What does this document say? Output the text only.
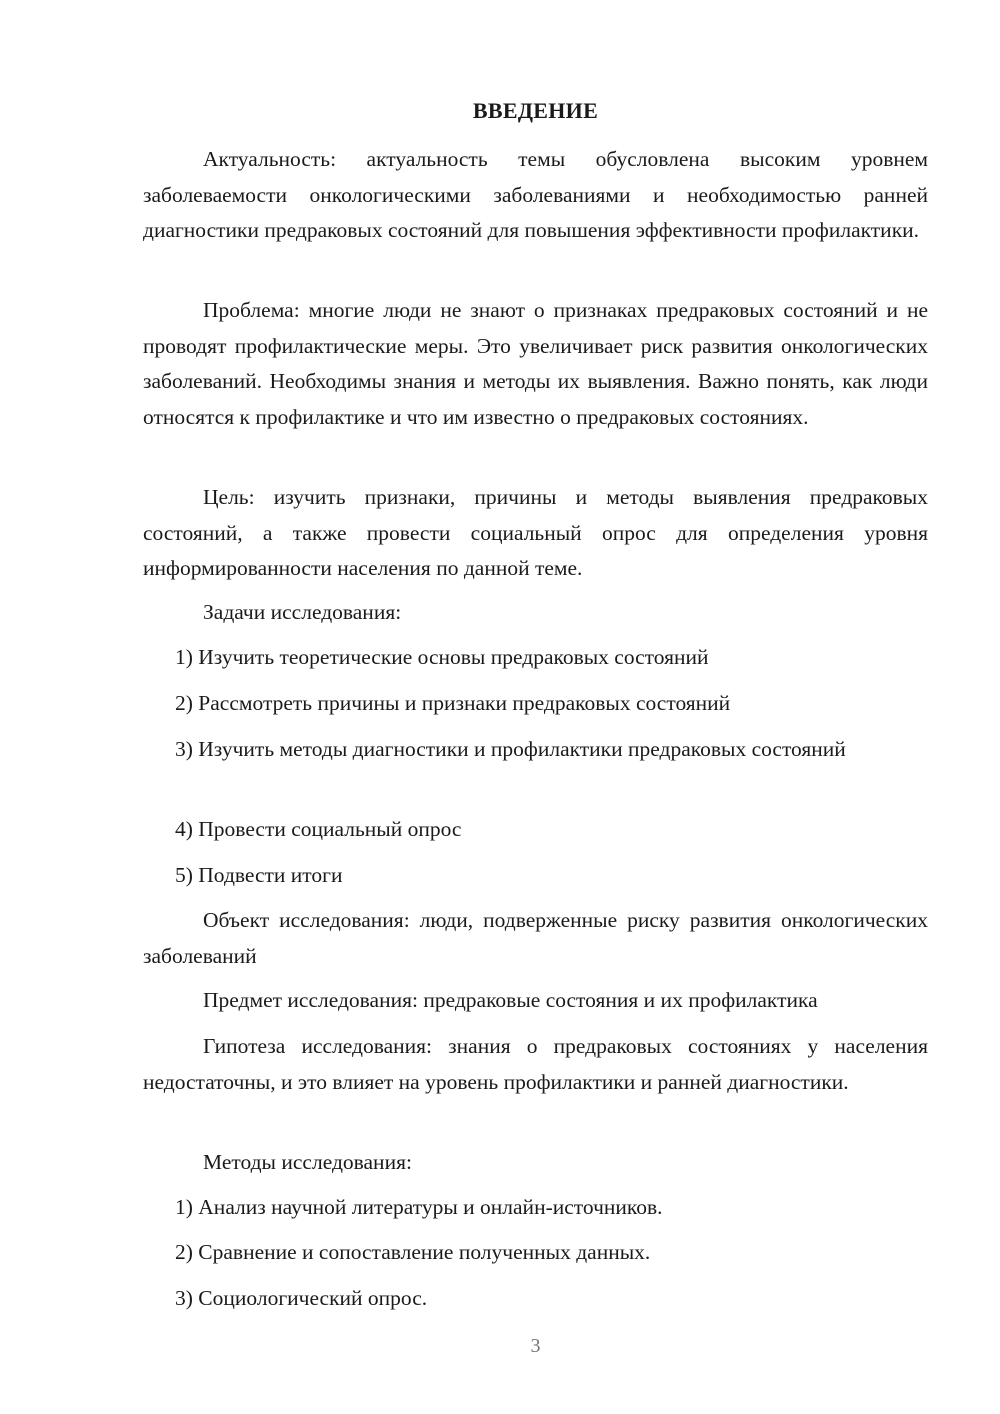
ВВЕДЕНИЕ

Актуальность: актуальность темы обусловлена высоким уровнем заболеваемости онкологическими заболеваниями и необходимостью ранней диагностики предраковых состояний для повышения эффективности профилактики.

Проблема: многие люди не знают о признаках предраковых состояний и не проводят профилактические меры. Это увеличивает риск развития онкологических заболеваний. Необходимы знания и методы их выявления. Важно понять, как люди относятся к профилактике и что им известно о предраковых состояниях.

Цель: изучить признаки, причины и методы выявления предраковых состояний, а также провести социальный опрос для определения уровня информированности населения по данной теме.

Задачи исследования:

1) Изучить теоретические основы предраковых состояний

2) Рассмотреть причины и признаки предраковых состояний

3) Изучить методы диагностики и профилактики предраковых состояний

4) Провести социальный опрос

5) Подвести итоги

Объект исследования: люди, подверженные риску развития онкологических заболеваний

Предмет исследования: предраковые состояния и их профилактика

Гипотеза исследования: знания о предраковых состояниях у населения недостаточны, и это влияет на уровень профилактики и ранней диагностики.

Методы исследования:

1) Анализ научной литературы и онлайн-источников.

2) Сравнение и сопоставление полученных данных.

3) Социологический опрос.

3
